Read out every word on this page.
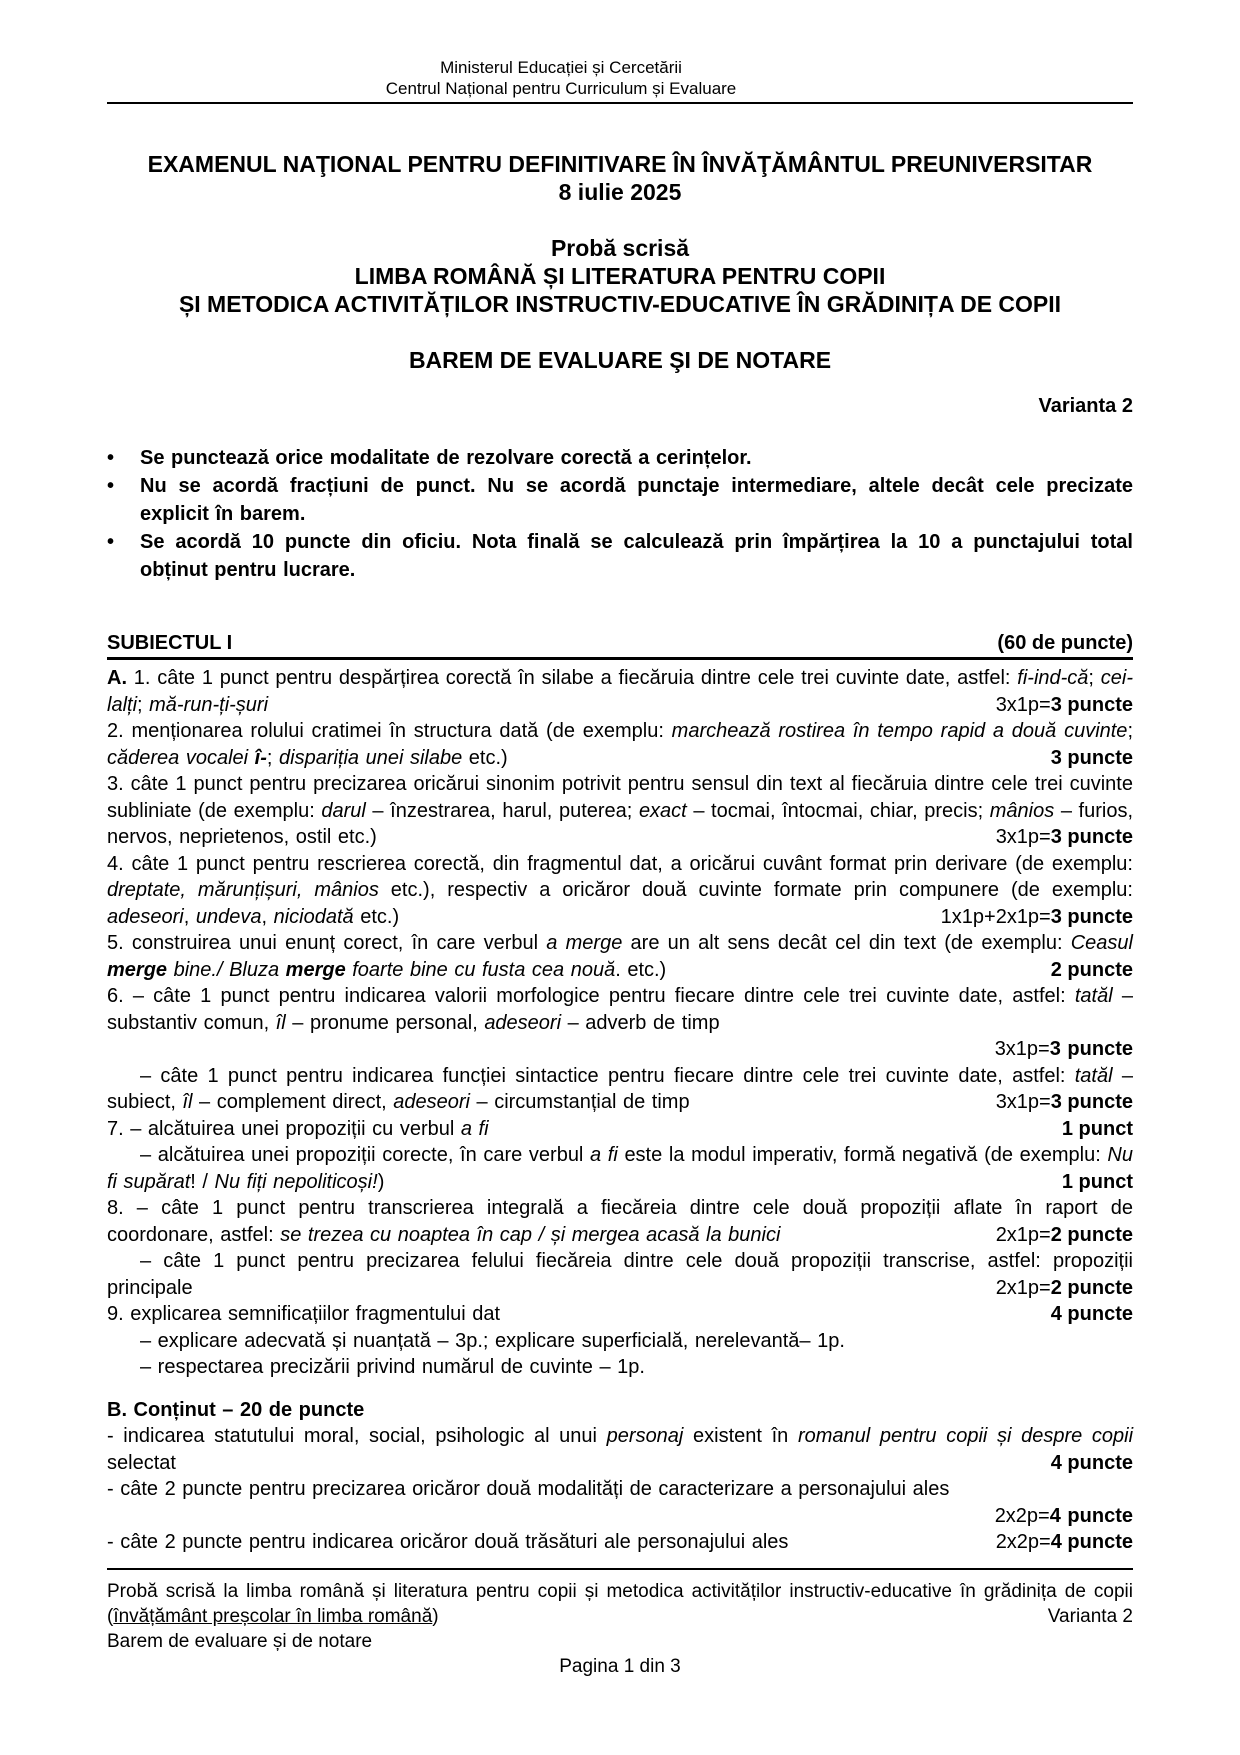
Ministerul Educației și Cercetării
Centrul Național pentru Curriculum și Evaluare
EXAMENUL NAŢIONAL PENTRU DEFINITIVARE ÎN ÎNVĂŢĂMÂNTUL PREUNIVERSITAR
8 iulie 2025
Probă scrisă
LIMBA ROMÂNĂ ȘI LITERATURA PENTRU COPII
ȘI METODICA ACTIVITĂȚILOR INSTRUCTIV-EDUCATIVE ÎN GRĂDINIȚA DE COPII
BAREM DE EVALUARE ŞI DE NOTARE
Varianta 2
•	Se punctează orice modalitate de rezolvare corectă a cerințelor.
•	Nu se acordă fracțiuni de punct. Nu se acordă punctaje intermediare, altele decât cele precizate explicit în barem.
•	Se acordă 10 puncte din oficiu. Nota finală se calculează prin împărțirea la 10 a punctajului total obținut pentru lucrare.
SUBIECTUL I	(60 de puncte)
A. 1. câte 1 punct pentru despărțirea corectă în silabe a fiecăruia dintre cele trei cuvinte date, astfel: fi-ind-că; cei-lalți; mă-run-ți-șuri	3x1p=3 puncte
2. menționarea rolului cratimei în structura dată (de exemplu: marchează rostirea în tempo rapid a două cuvinte; căderea vocalei î-; dispariția unei silabe etc.)	3 puncte
3. câte 1 punct pentru precizarea oricărui sinonim potrivit pentru sensul din text al fiecăruia dintre cele trei cuvinte subliniate (de exemplu: darul – înzestrarea, harul, puterea; exact – tocmai, întocmai, chiar, precis; mânios – furios, nervos, neprietenos, ostil etc.)	3x1p=3 puncte
4. câte 1 punct pentru rescrierea corectă, din fragmentul dat, a oricărui cuvânt format prin derivare (de exemplu: dreptate, mărunțișuri, mânios etc.), respectiv a oricăror două cuvinte formate prin compunere (de exemplu: adeseori, undeva, niciodată etc.)	1x1p+2x1p=3 puncte
5. construirea unui enunț corect, în care verbul a merge are un alt sens decât cel din text (de exemplu: Ceasul merge bine./ Bluza merge foarte bine cu fusta cea nouă. etc.)	2 puncte
6. – câte 1 punct pentru indicarea valorii morfologice pentru fiecare dintre cele trei cuvinte date, astfel: tatăl – substantiv comun, îl – pronume personal, adeseori – adverb de timp
3x1p=3 puncte
– câte 1 punct pentru indicarea funcției sintactice pentru fiecare dintre cele trei cuvinte date, astfel: tatăl – subiect, îl – complement direct, adeseori – circumstanțial de timp	3x1p=3 puncte
7. – alcătuirea unei propoziții cu verbul a fi	1 punct
– alcătuirea unei propoziții corecte, în care verbul a fi este la modul imperativ, formă negativă (de exemplu: Nu fi supărat! / Nu fiți nepoliticoși!)	1 punct
8. – câte 1 punct pentru transcrierea integrală a fiecăreia dintre cele două propoziții aflate în raport de coordonare, astfel: se trezea cu noaptea în cap / și mergea acasă la bunici	2x1p=2 puncte
– câte 1 punct pentru precizarea felului fiecăreia dintre cele două propoziții transcrise, astfel: propoziții principale	2x1p=2 puncte
9. explicarea semnificațiilor fragmentului dat	4 puncte
– explicare adecvată și nuanțată – 3p.; explicare superficială, nerelevantă– 1p.
– respectarea precizării privind numărul de cuvinte – 1p.
B. Conținut – 20 de puncte
- indicarea statutului moral, social, psihologic al unui personaj existent în romanul pentru copii și despre copii selectat	4 puncte
- câte 2 puncte pentru precizarea oricăror două modalități de caracterizare a personajului ales
2x2p=4 puncte
- câte 2 puncte pentru indicarea oricăror două trăsături ale personajului ales	2x2p=4 puncte
Probă scrisă la limba română și literatura pentru copii și metodica activităților instructiv-educative în grădinița de copii (învățământ preșcolar în limba română)	Varianta 2
Barem de evaluare și de notare
Pagina 1 din 3
